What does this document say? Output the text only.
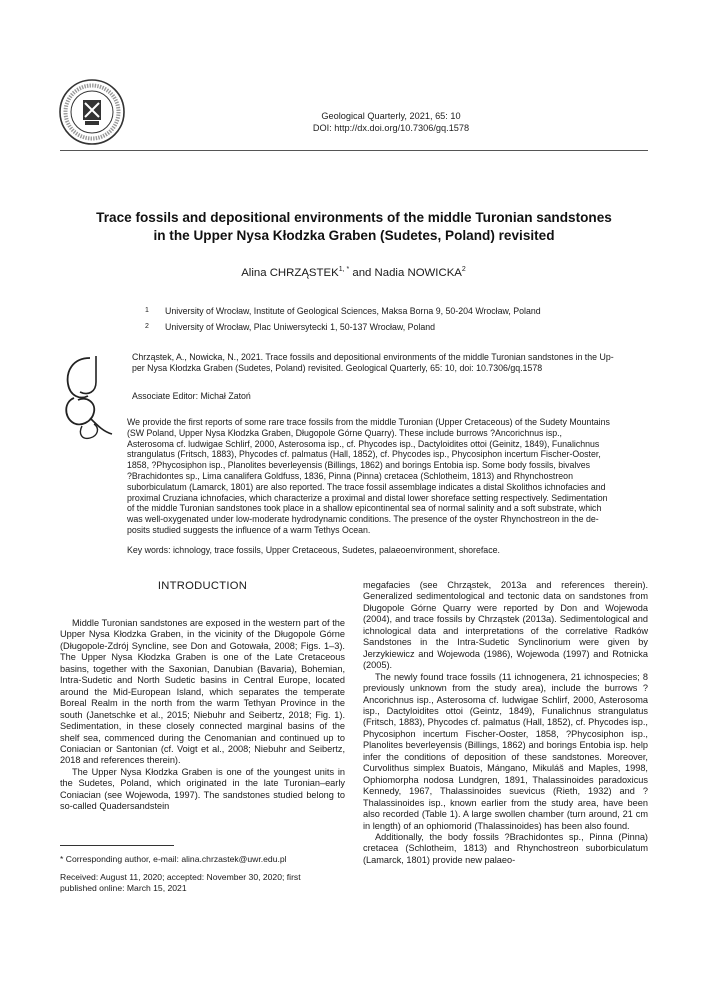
Geological Quarterly, 2021, 65: 10
DOI: http://dx.doi.org/10.7306/gq.1578
Trace fossils and depositional environments of the middle Turonian sandstones
in the Upper Nysa Kłodzka Graben (Sudetes, Poland) revisited
Alina $CHRZĄSTEK^{1, *}$ and Nadia NOWICKA$^2$
1 University of Wrocław, Institute of Geological Sciences, Maksa Borna 9, 50-204 Wrocław, Poland
2 University of Wrocław, Plac Uniwersytecki 1, 50-137 Wrocław, Poland
Chrząstek, A., Nowicka, N., 2021. Trace fossils and depositional environments of the middle Turonian sandstones in the Up-
per Nysa Kłodzka Graben (Sudetes, Poland) revisited. Geological Quarterly, 65: 10, doi: 10.7306/gq.1578
Associate Editor: Michał Zatoń
We provide the first reports of some rare trace fossils from the middle Turonian (Upper Cretaceous) of the Sudety Mountains
(SW Poland, Upper Nysa Kłodzka Graben, Długopole Górne Quarry). These include burrows ?Ancorichnus isp.,
Asterosoma cf. ludwigae Schlirf, 2000, Asterosoma isp., cf. Phycodes isp., Dactyloidites ottoi (Geinitz, 1849), Funalichnus
strangulatus (Fritsch, 1883), Phycodes cf. palmatus (Hall, 1852), cf. Phycodes isp., Phycosiphon incertum Fischer-Ooster,
1858, ?Phycosiphon isp., Planolites beverleyensis (Billings, 1862) and borings Entobia isp. Some body fossils, bivalves
?Brachidontes sp., Lima canalifera Goldfuss, 1836, Pinna (Pinna) cretacea (Schlotheim, 1813) and Rhynchostreon
suborbiculatum (Lamarck, 1801) are also reported. The trace fossil assemblage indicates a distal Skolithos ichnofacies and
proximal Cruziana ichnofacies, which characterize a proximal and distal lower shoreface setting respectively. Sedimentation
of the middle Turonian sandstones took place in a shallow epicontinental sea of normal salinity and a soft substrate, which
was well-oxygenated under low-moderate hydrodynamic conditions. The presence of the oyster Rhynchostreon in the de-
posits studied suggests the influence of a warm Tethys Ocean.
Key words: ichnology, trace fossils, Upper Cretaceous, Sudetes, palaeoenvironment, shoreface.
INTRODUCTION

Middle Turonian sandstones are exposed in the western part of the Upper Nysa Kłodzka Graben, in the vicinity of the Długopole Górne (Długopole-Zdrój Syncline, see Don and Gotowała, 2008; Figs. 1–3). The Upper Nysa Kłodzka Graben is one of the Late Cretaceous basins, together with the Saxonian, Danubian (Bavaria), Bohemian, Intra-Sudetic and North Sudetic basins in Central Europe, located around the Mid-European Island, which separates the temperate Boreal Realm in the north from the warm Tethyan Province in the south (Janetschke et al., 2015; Niebuhr and Seibertz, 2018; Fig. 1). Sedimentation, in these closely connected marginal basins of the shelf sea, commenced during the Cenomanian and continued up to Coniacian or Santonian (cf. Voigt et al., 2008; Niebuhr and Seibertz, 2018 and references therein).

The Upper Nysa Kłodzka Graben is one of the youngest units in the Sudetes, Poland, which originated in the late Turonian–early Coniacian (see Wojewoda, 1997). The sandstones studied belong to so-called Quadersandstein

megafacies (see Chrząstek, 2013a and references therein). Generalized sedimentological and tectonic data on sandstones from Długopole Górne Quarry were reported by Don and Wojewoda (2004), and trace fossils by Chrząstek (2013a). Sedimentological and ichnological data and interpretations of the correlative Radków Sandstones in the Intra-Sudetic Synclinorium were given by Jerzykiewicz and Wojewoda (1986), Wojewoda (1997) and Rotnicka (2005).

The newly found trace fossils (11 ichnogenera, 21 ichnospecies; 8 previously unknown from the study area), include the burrows ?Ancorichnus isp., Asterosoma cf. ludwigae Schlirf, 2000, Asterosoma isp., Dactyloidites ottoi (Geintz, 1849), Funalichnus strangulatus (Fritsch, 1883), Phycodes cf. palmatus (Hall, 1852), cf. Phycodes isp., Phycosiphon incertum Fischer-Ooster, 1858, ?Phycosiphon isp., Planolites beverleyensis (Billings, 1862) and borings Entobia isp. help infer the conditions of deposition of these sandstones. Moreover, Curvolithus simplex Buatois, Mángano, Mikuláš and Maples, 1998, Ophiomorpha nodosa Lundgren, 1891, Thalassinoides paradoxicus Kennedy, 1967, Thalassinoides suevicus (Rieth, 1932) and ?Thalassinoides isp., known earlier from the study area, have been also recorded (Table 1). A large swollen chamber (turn around, 21 cm in length) of an ophiomorid (Thalassinoides) has been also found.

Additionally, the body fossils ?Brachidontes sp., Pinna (Pinna) cretacea (Schlotheim, 1813) and Rhynchostreon suborbiculatum (Lamarck, 1801) provide new palaeo-

* Corresponding author, e-mail: alina.chrzastek@uwr.edu.pl
Received: August 11, 2020; accepted: November 30, 2020; first
published online: March 15, 2021
